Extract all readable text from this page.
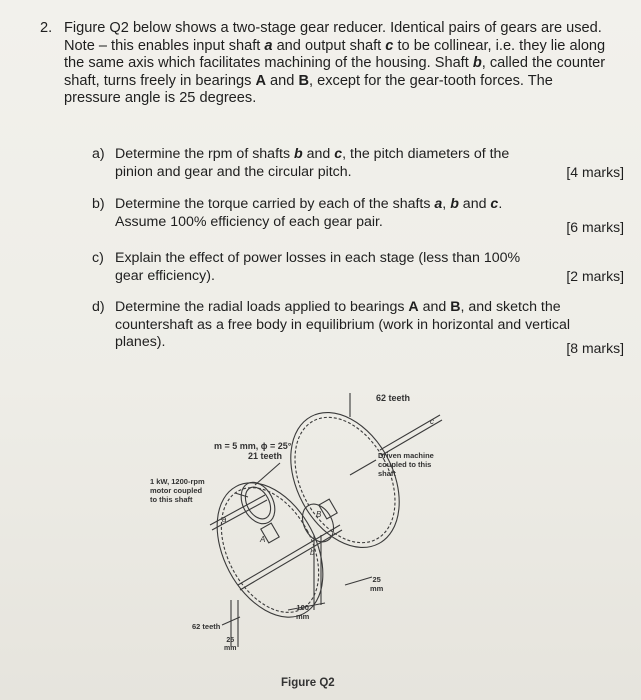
2. Figure Q2 below shows a two-stage gear reducer. Identical pairs of gears are used. Note – this enables input shaft a and output shaft c to be collinear, i.e. they lie along the same axis which facilitates machining of the housing. Shaft b, called the counter shaft, turns freely in bearings A and B, except for the gear-tooth forces. The pressure angle is 25 degrees.
a) Determine the rpm of shafts b and c, the pitch diameters of the pinion and gear and the circular pitch.	[4 marks]
b) Determine the torque carried by each of the shafts a, b and c. Assume 100% efficiency of each gear pair.	[6 marks]
c) Explain the effect of power losses in each stage (less than 100% gear efficiency).	[2 marks]
d) Determine the radial loads applied to bearings A and B, and sketch the countershaft as a free body in equilibrium (work in horizontal and vertical planes).	[8 marks]
62 teeth
m = 5 mm, ϕ = 25°
21 teeth
1 kW, 1200-rpm
motor coupled
to this shaft
Driven machine
coupled to this
shaft
25
mm
100
mm
62 teeth
25
mm
a
b
c
A
B
Figure Q2
